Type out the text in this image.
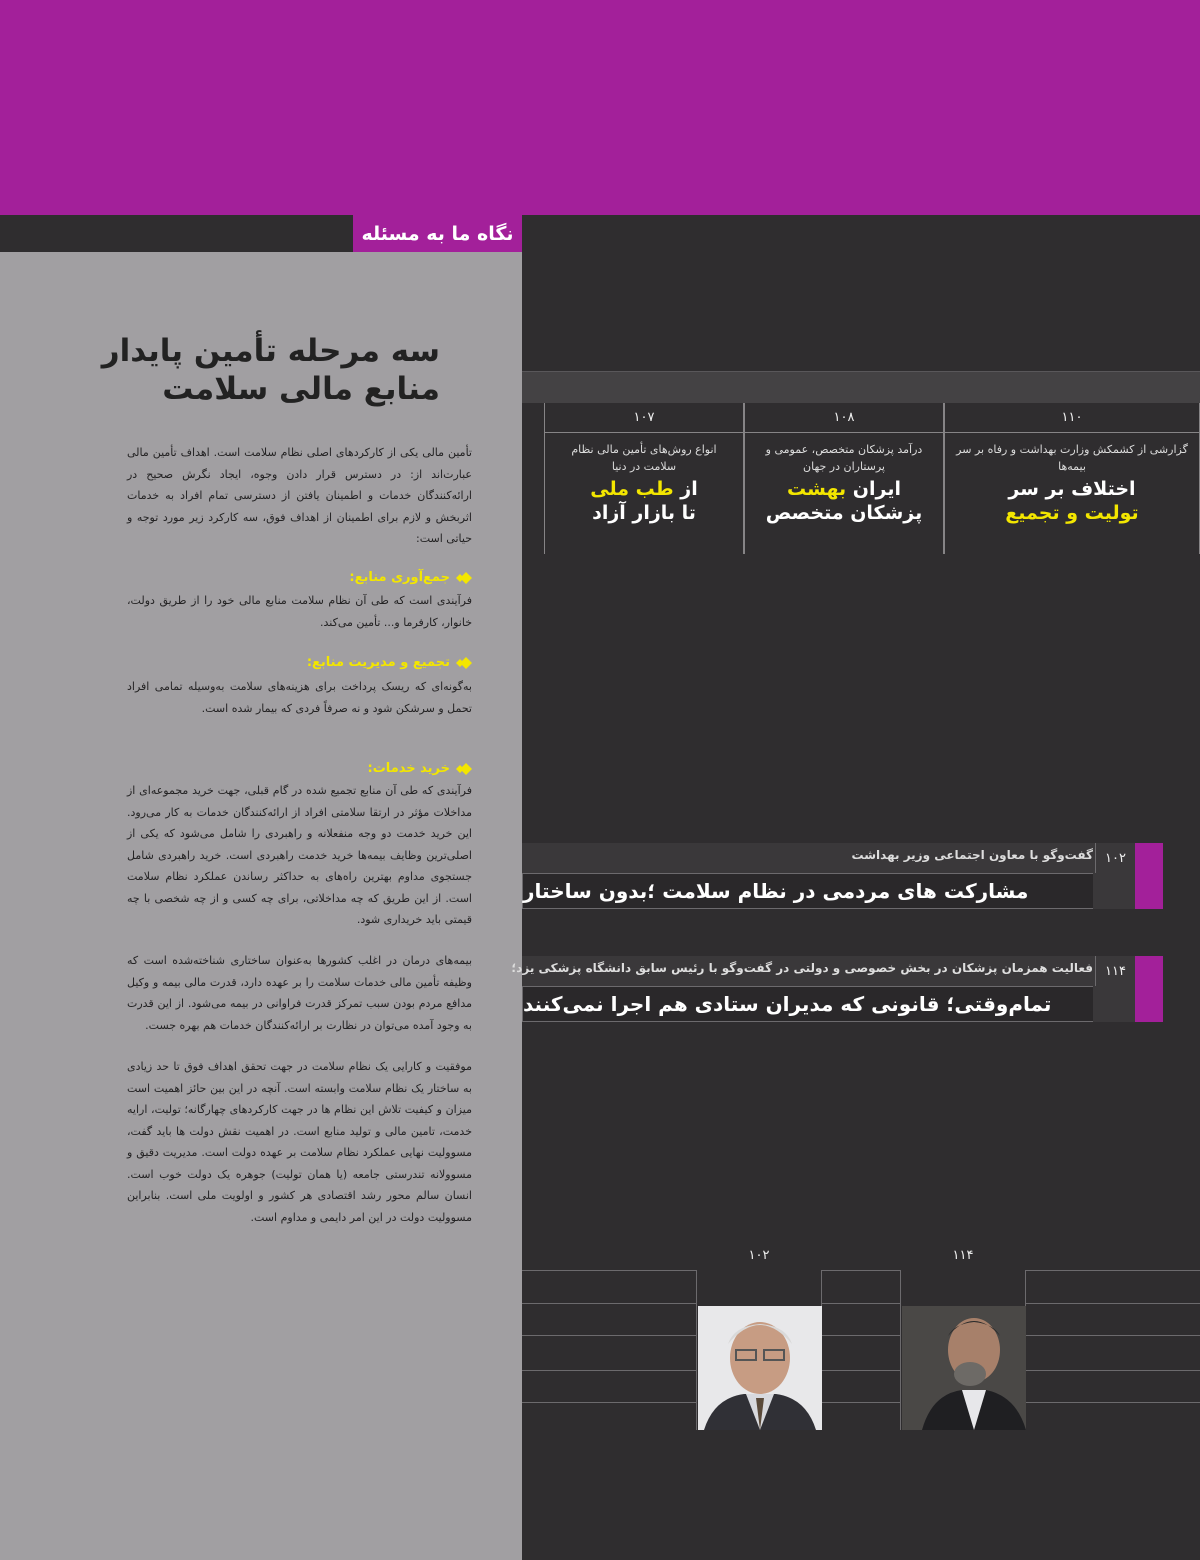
نگاه ما به مسئله
سه مرحله تأمین پایدار
منابع مالی سلامت
تأمین مالی یکی از کارکردهای اصلی نظام سلامت است. اهداف تأمین مالی عبارت‌اند از: در دسترس قرار دادن وجوه، ایجاد نگرش صحیح در ارائه‌کنندگان خدمات و اطمینان یافتن از دسترسی تمام افراد به خدمات اثربخش و لازم برای اطمینان از اهداف فوق، سه کارکرد زیر مورد توجه و حیاتی است:
جمع‌آوری منابع:
فرآیندی است که طی آن نظام سلامت منابع مالی خود را از طریق دولت، خانوار، کارفرما و... تأمین می‌کند.
تجمیع و مدیریت منابع:
به‌گونه‌ای که ریسک پرداخت برای هزینه‌های سلامت به‌وسیله تمامی افراد تحمل و سرشکن شود و نه صرفاً فردی که بیمار شده است.
خرید خدمات:
فرآیندی که طی آن منابع تجمیع شده در گام قبلی، جهت خرید مجموعه‌ای از مداخلات مؤثر در ارتقا سلامتی افراد از ارائه‌کنندگان خدمات به کار می‌رود. این خرید خدمت دو وجه منفعلانه و راهبردی را شامل می‌شود که یکی از اصلی‌ترین وظایف بیمه‌ها خرید خدمت راهبردی است. خرید راهبردی شامل جستجوی مداوم بهترین راه‌های به حداکثر رساندن عملکرد نظام سلامت است. از این طریق که چه مداخلاتی، برای چه کسی و از چه شخصی با چه قیمتی باید خریداری شود.
بیمه‌های درمان در اغلب کشورها به‌عنوان ساختاری شناخته‌شده است که وظیفه تأمین مالی خدمات سلامت را بر عهده دارد، قدرت مالی بیمه و وکیل مدافع مردم بودن سبب تمرکز قدرت فراوانی در بیمه می‌شود. از این قدرت به وجود آمده می‌توان در نظارت بر ارائه‌کنندگان خدمات هم بهره جست.
موفقیت و کارایی یک نظام سلامت در جهت تحقق اهداف فوق تا حد زیادی به ساختار یک نظام سلامت وابسته است. آنچه در این بین حائز اهمیت است میزان و کیفیت تلاش این نظام ها در جهت کارکردهای چهارگانه؛ تولیت، ارایه خدمت، تامین مالی و تولید منابع است. در اهمیت نقش دولت ها باید گفت، مسوولیت نهایی عملکرد نظام سلامت بر عهده دولت است. مدیریت دقیق و مسوولانه تندرستی جامعه (یا همان تولیت) جوهره یک دولت خوب است. انسان سالم محور رشد اقتصادی هر کشور و اولویت ملی است. بنابراین مسوولیت دولت در این امر دایمی و مداوم است.
۱۱۰
گزارشی از کشمکش وزارت بهداشت و رفاه بر سر بیمه‌ها
اختلاف بر سر
تولیت و تجمیع
۱۰۸
درآمد پزشکان متخصص، عمومی و پرستاران در جهان
ایران بهشت
پزشکان متخصص
۱۰۷
انواع روش‌های تأمین مالی نظام سلامت در دنیا
از طب ملی
تا بازار آزاد
۱۰۲
گفت‌وگو با معاون اجتماعی وزیر بهداشت
مشارکت های مردمی در نظام سلامت ؛بدون ساختار
۱۱۴
فعالیت همزمان پزشکان در بخش خصوصی و دولتی در گفت‌وگو با رئیس سابق دانشگاه پزشکی یزد؛
تمام‌وقتی؛ قانونی که مدیران ستادی هم اجرا نمی‌کنند
۱۱۴
۱۰۲
